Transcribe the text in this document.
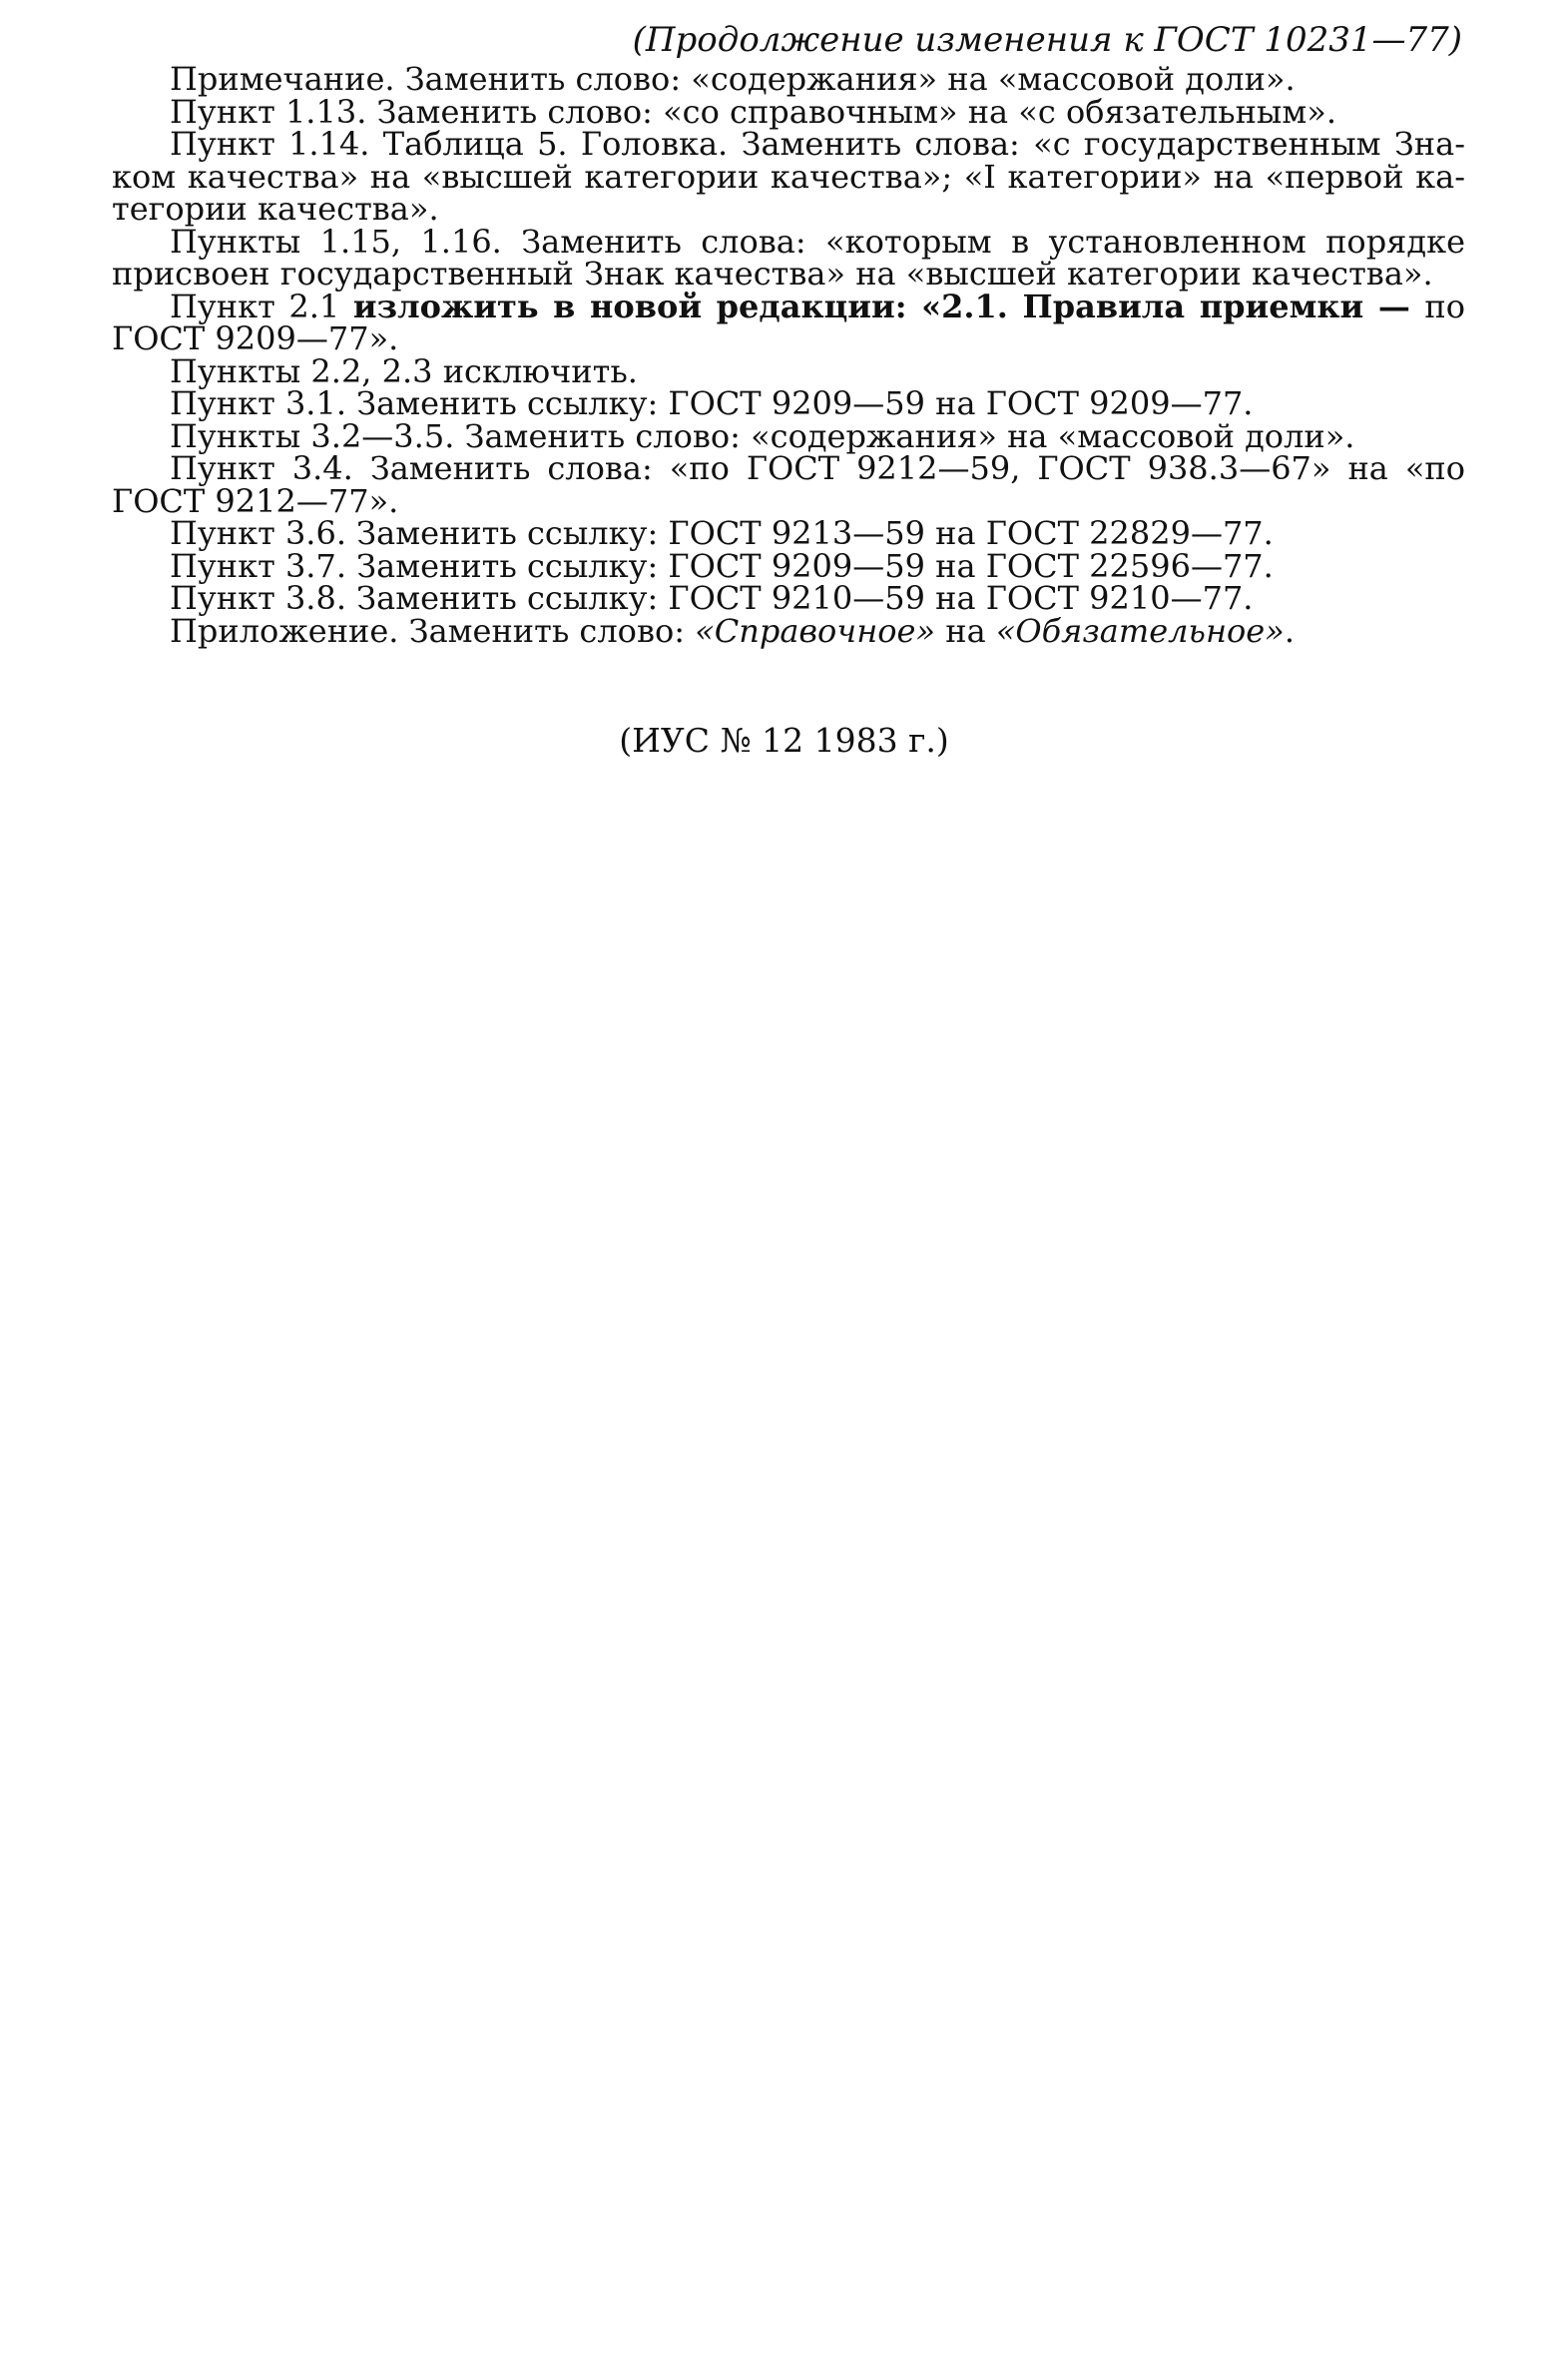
(Продолжение изменения к ГОСТ 10231—77)

Примечание. Заменить слово: «содержания» на «массовой доли».

Пункт 1.13. Заменить слово: «со справочным» на «с обязательным».

Пункт 1.14. Таблица 5. Головка. Заменить слова: «с государственным Знаком качества» на «высшей категории качества»; «I категории» на «первой категории качества».

Пункты 1.15, 1.16. Заменить слова: «которым в установленном порядке присвоен государственный Знак качества» на «высшей категории качества».

Пункт 2.1 изложить в новой редакции: «2.1. Правила приемки — по ГОСТ 9209—77».

Пункты 2.2, 2.3 исключить.

Пункт 3.1. Заменить ссылку: ГОСТ 9209—59 на ГОСТ 9209—77.

Пункты 3.2—3.5. Заменить слово: «содержания» на «массовой доли».

Пункт 3.4. Заменить слова: «по ГОСТ 9212—59, ГОСТ 938.3—67» на «по ГОСТ 9212—77».

Пункт 3.6. Заменить ссылку: ГОСТ 9213—59 на ГОСТ 22829—77.

Пункт 3.7. Заменить ссылку: ГОСТ 9209—59 на ГОСТ 22596—77.

Пункт 3.8. Заменить ссылку: ГОСТ 9210—59 на ГОСТ 9210—77.

Приложение. Заменить слово: «Справочное» на «Обязательное».

(ИУС № 12 1983 г.)
